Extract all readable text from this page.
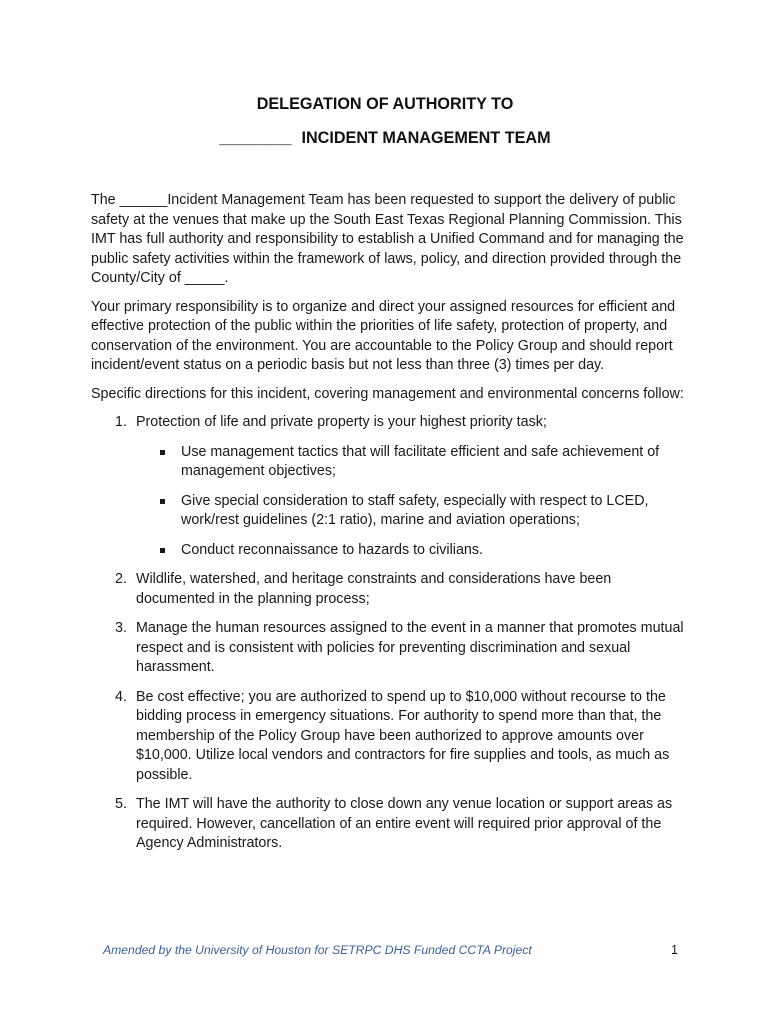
DELEGATION OF AUTHORITY TO
________ INCIDENT MANAGEMENT TEAM

The ______Incident Management Team has been requested to support the delivery of public safety at the venues that make up the South East Texas Regional Planning Commission. This IMT has full authority and responsibility to establish a Unified Command and for managing the public safety activities within the framework of laws, policy, and direction provided through the County/City of _____.

Your primary responsibility is to organize and direct your assigned resources for efficient and effective protection of the public within the priorities of life safety, protection of property, and conservation of the environment. You are accountable to the Policy Group and should report incident/event status on a periodic basis but not less than three (3) times per day.

Specific directions for this incident, covering management and environmental concerns follow:

1. Protection of life and private property is your highest priority task;
Use management tactics that will facilitate efficient and safe achievement of management objectives;
Give special consideration to staff safety, especially with respect to LCED, work/rest guidelines (2:1 ratio), marine and aviation operations;
Conduct reconnaissance to hazards to civilians.
2. Wildlife, watershed, and heritage constraints and considerations have been documented in the planning process;
3. Manage the human resources assigned to the event in a manner that promotes mutual respect and is consistent with policies for preventing discrimination and sexual harassment.
4. Be cost effective; you are authorized to spend up to $10,000 without recourse to the bidding process in emergency situations. For authority to spend more than that, the membership of the Policy Group have been authorized to approve amounts over $10,000. Utilize local vendors and contractors for fire supplies and tools, as much as possible.
5. The IMT will have the authority to close down any venue location or support areas as required. However, cancellation of an entire event will required prior approval of the Agency Administrators.
Amended by the University of Houston for SETRPC DHS Funded CCTA Project	1
